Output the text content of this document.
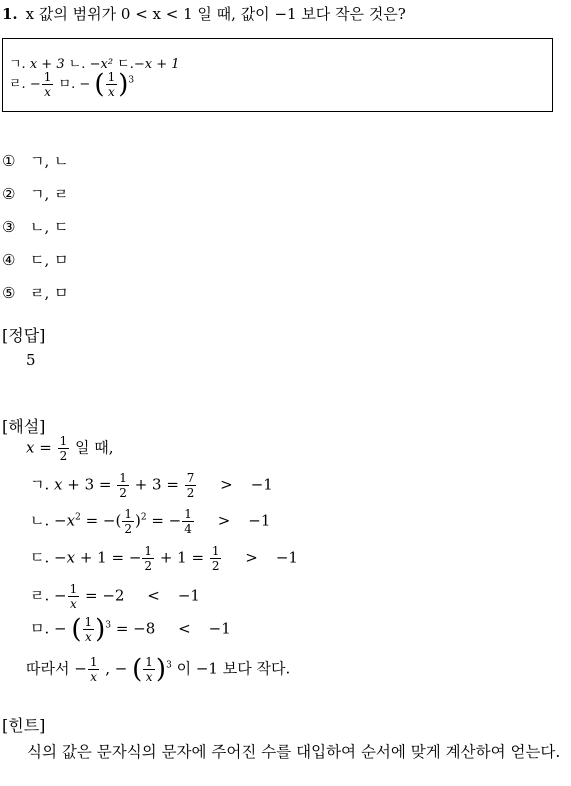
1. x 값의 범위가 0 < x < 1 일 때, 값이 −1 보다 작은 것은?
ㄱ. x + 3 ㄴ. −x² ㄷ.−x + 1
ㄹ. − $\frac{1}{x}$ ㅁ. − ( $\frac{1}{x} )^3$
① ㄱ, ㄴ
② ㄱ, ㄹ
③ ㄴ, ㄷ
④ ㄷ, ㅁ
⑤ ㄹ, ㅁ
[정답]
5
[해설]
$x = \frac{1}{2}$ 일 때,
ㄱ. $x + 3 = \frac{1}{2} + 3 = \frac{7}{2} > -1$
ㄴ. $-x^2$ = −( $\frac{1}{2} )^2$ = − $\frac{1}{4} > -1$
ㄷ. −x + 1 = − $\frac{1}{2} + 1 = \frac{1}{2} > -1$
ㄹ. − $\frac{1}{x} = -2 < -1$
ㅁ. − ( $\frac{1}{x} )^3 = -8 < -1$
따라서 − $\frac{1}{x}$ , − ( $\frac{1}{x} )^3$ 이 −1 보다 작다.
[힌트]
식의 값은 문자식의 문자에 주어진 수를 대입하여 순서에 맞게 계산하여 얻는다.
